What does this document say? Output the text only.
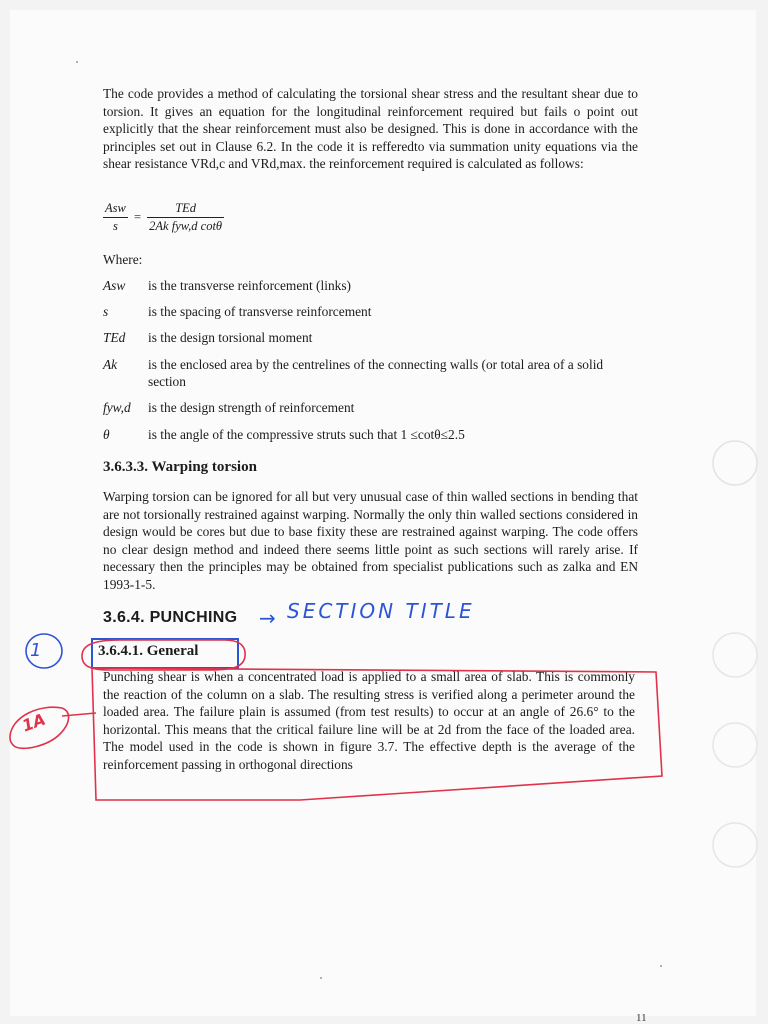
The code provides a method of calculating the torsional shear stress and the resultant shear due to torsion. It gives an equation for the longitudinal reinforcement required but fails o point out explicitly that the shear reinforcement must also be designed. This is done in accordance with the principles set out in Clause 6.2. In the code it is refferedto via summation unity equations via the shear resistance VRd,c and VRd,max. the reinforcement required is calculated as follows:

$\frac{\text{Asw}}{s} = \frac{\text{TEd}}{\text{2Ak fyw,d cotθ}}$
Where:
Asw	is the transverse reinforcement (links)
s	is the spacing of transverse reinforcement
TEd	is the design torsional moment
Ak	is the enclosed area by the centrelines of the connecting walls (or total area of a solid section
fyw,d	is the design strength of reinforcement
θ	is the angle of the compressive struts such that 1 ≤cotθ≤2.5
3.6.3.3. Warping torsion

Warping torsion can be ignored for all but very unusual case of thin walled sections in bending that are not torsionally restrained against warping. Normally the only thin walled sections considered in design would be cores but due to base fixity these are restrained against warping. The code offers no clear design method and indeed there seems little point as such sections will rarely arise. If necessary then the principles may be obtained from specialist publications such as zalka and EN 1993-1-5.

3.6.4. PUNCHING → SECTION TITLE
3.6.4.1. General

Punching shear is when a concentrated load is applied to a small area of slab. This is commonly the reaction of the column on a slab. The resulting stress is verified along a perimeter around the loaded area. The failure plain is assumed (from test results) to occur at an angle of 26.6° to the horizontal. This means that the critical failure line will be at 2d from the face of the loaded area. The model used in the code is shown in figure 3.7. The effective depth is the average of the reinforcement passing in orthogonal directions

1
1A
11
